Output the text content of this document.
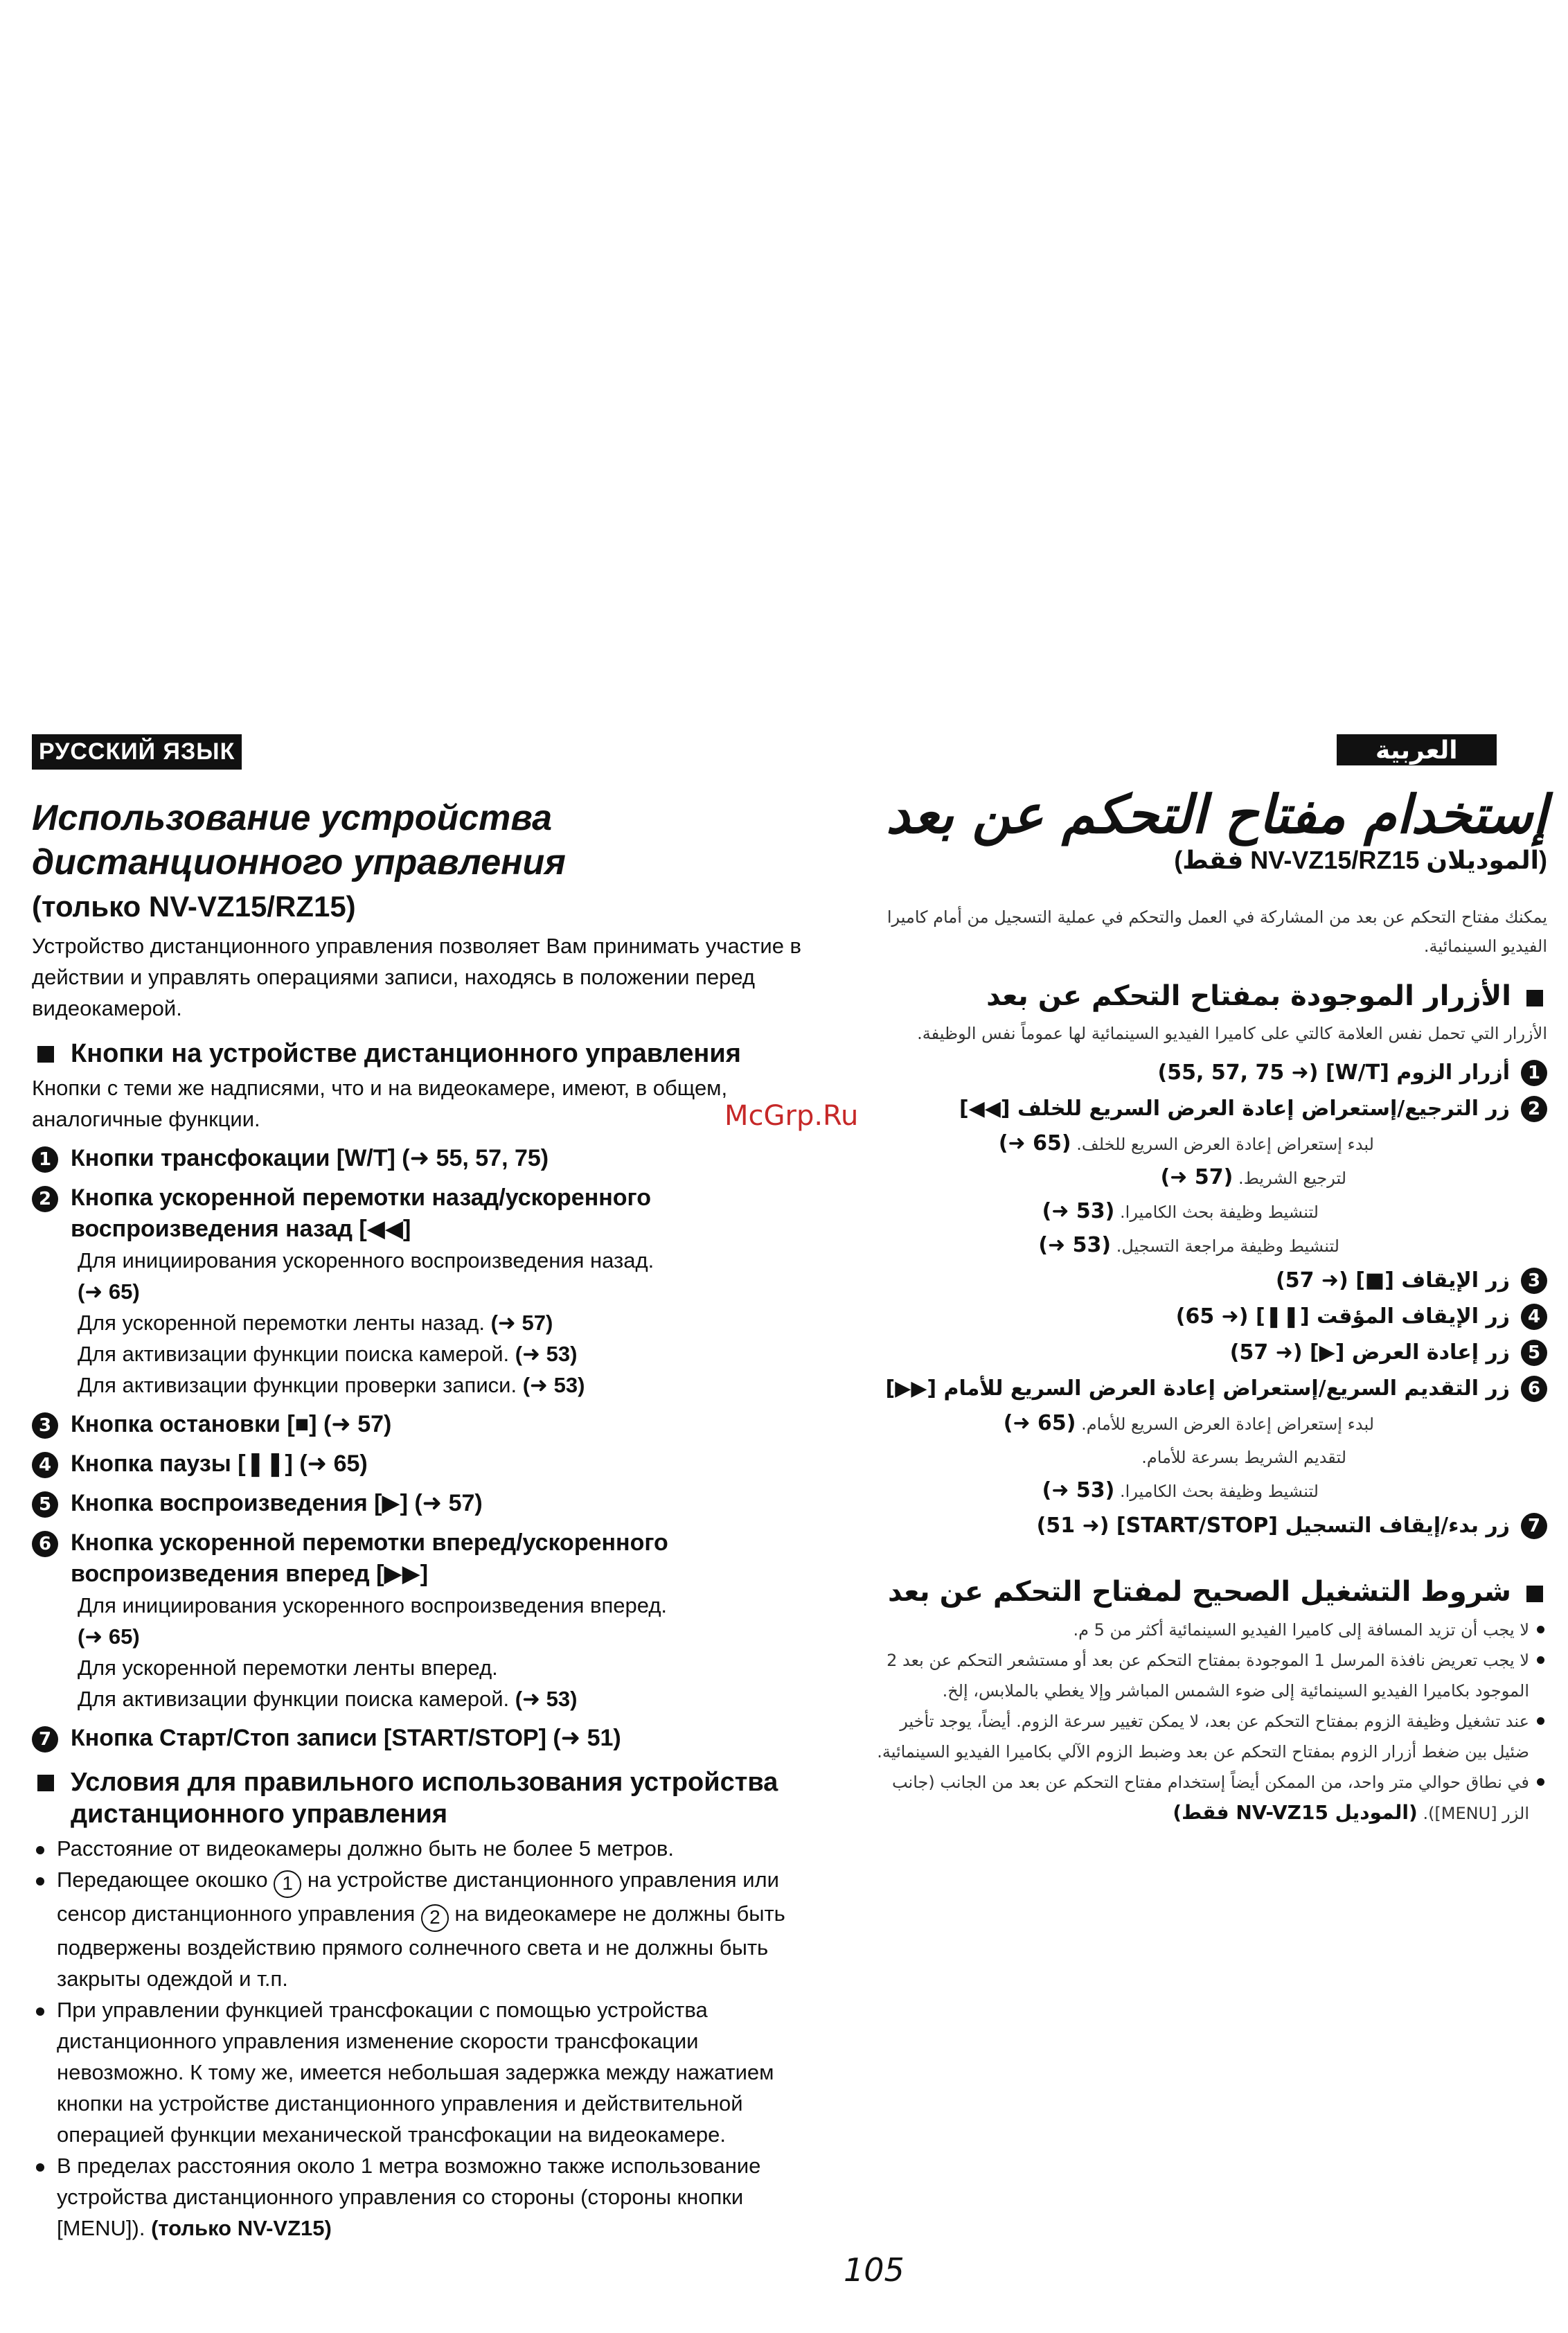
РУССКИЙ ЯЗЫК
Использование устройства
дистанционного управления
(только NV-VZ15/RZ15)

Устройство дистанционного управления позволяет Вам принимать участие в действии и управлять операциями записи, находясь в положении перед видеокамерой.

Кнопки на устройстве дистанционного управления

Кнопки с теми же надписями, что и на видеокамере, имеют, в общем, аналогичные функции.

1 Кнопки трансфокации [W/T] (➜ 55, 57, 75)
2 Кнопка ускоренной перемотки назад/ускоренного воспроизведения назад [◀◀]
Для инициирования ускоренного воспроизведения назад.
(➜ 65)
Для ускоренной перемотки ленты назад. (➜ 57)
Для активизации функции поиска камерой. (➜ 53)
Для активизации функции проверки записи. (➜ 53)
3 Кнопка остановки [■] (➜ 57)
4 Кнопка паузы [❚❚] (➜ 65)
5 Кнопка воспроизведения [▶] (➜ 57)
6 Кнопка ускоренной перемотки вперед/ускоренного воспроизведения вперед [▶▶]
Для инициирования ускоренного воспроизведения вперед.
(➜ 65)
Для ускоренной перемотки ленты вперед.
Для активизации функции поиска камерой. (➜ 53)
7 Кнопка Старт/Стоп записи [START/STOP] (➜ 51)
Условия для правильного использования устройства дистанционного управления
Расстояние от видеокамеры должно быть не более 5 метров.
Передающее окошко 1 на устройстве дистанционного управления или сенсор дистанционного управления 2 на видеокамере не должны быть подвержены воздействию прямого солнечного света и не должны быть закрыты одеждой и т.п.
При управлении функцией трансфокации с помощью устройства дистанционного управления изменение скорости трансфокации невозможно. К тому же, имеется небольшая задержка между нажатием кнопки на устройстве дистанционного управления и действительной операцией функции механической трансфокации на видеокамере.
В пределах расстояния около 1 метра возможно также использование устройства дистанционного управления со стороны (стороны кнопки [MENU]). (только NV-VZ15)
العربية
إستخدام مفتاح التحكم عن بعد
(الموديلان NV-VZ15/RZ15 فقط)

يمكنك مفتاح التحكم عن بعد من المشاركة في العمل والتحكم في عملية التسجيل من أمام كاميرا الفيديو السينمائية.

الأزرار الموجودة بمفتاح التحكم عن بعد

الأزرار التي تحمل نفس العلامة كالتي على كاميرا الفيديو السينمائية لها عموماً نفس الوظيفة.

1
أزرار الزوم [W/T] (➜ 55, 57, 75)
2
زر الترجيع/إستعراض إعادة العرض السريع للخلف [◀◀]
لبدء إستعراض إعادة العرض السريع للخلف. (➜ 65)
لترجيع الشريط. (➜ 57)
لتنشيط وظيفة بحث الكاميرا. (➜ 53)
لتنشيط وظيفة مراجعة التسجيل. (➜ 53)
3
زر الإيقاف [■] (➜ 57)
4
زر الإيقاف المؤقت [❚❚] (➜ 65)
5
زر إعادة العرض [▶] (➜ 57)
6
زر التقديم السريع/إستعراض إعادة العرض السريع للأمام [▶▶]
لبدء إستعراض إعادة العرض السريع للأمام. (➜ 65)
لتقديم الشريط بسرعة للأمام.
لتنشيط وظيفة بحث الكاميرا. (➜ 53)
7
زر بدء/إيقاف التسجيل [START/STOP] (➜ 51)
شروط التشغيل الصحيح لمفتاح التحكم عن بعد
لا يجب أن تزيد المسافة إلى كاميرا الفيديو السينمائية أكثر من 5 م.
لا يجب تعريض نافذة المرسل 1 الموجودة بمفتاح التحكم عن بعد أو مستشعر التحكم عن بعد 2 الموجود بكاميرا الفيديو السينمائية إلى ضوء الشمس المباشر وإلا يغطي بالملابس، إلخ.
عند تشغيل وظيفة الزوم بمفتاح التحكم عن بعد، لا يمكن تغيير سرعة الزوم. أيضاً، يوجد تأخير ضئيل بين ضغط أزرار الزوم بمفتاح التحكم عن بعد وضبط الزوم الآلي بكاميرا الفيديو السينمائية.
في نطاق حوالي متر واحد، من الممكن أيضاً إستخدام مفتاح التحكم عن بعد من الجانب (جانب الزر [MENU]). (الموديل NV-VZ15 فقط)
McGrp.Ru
105
